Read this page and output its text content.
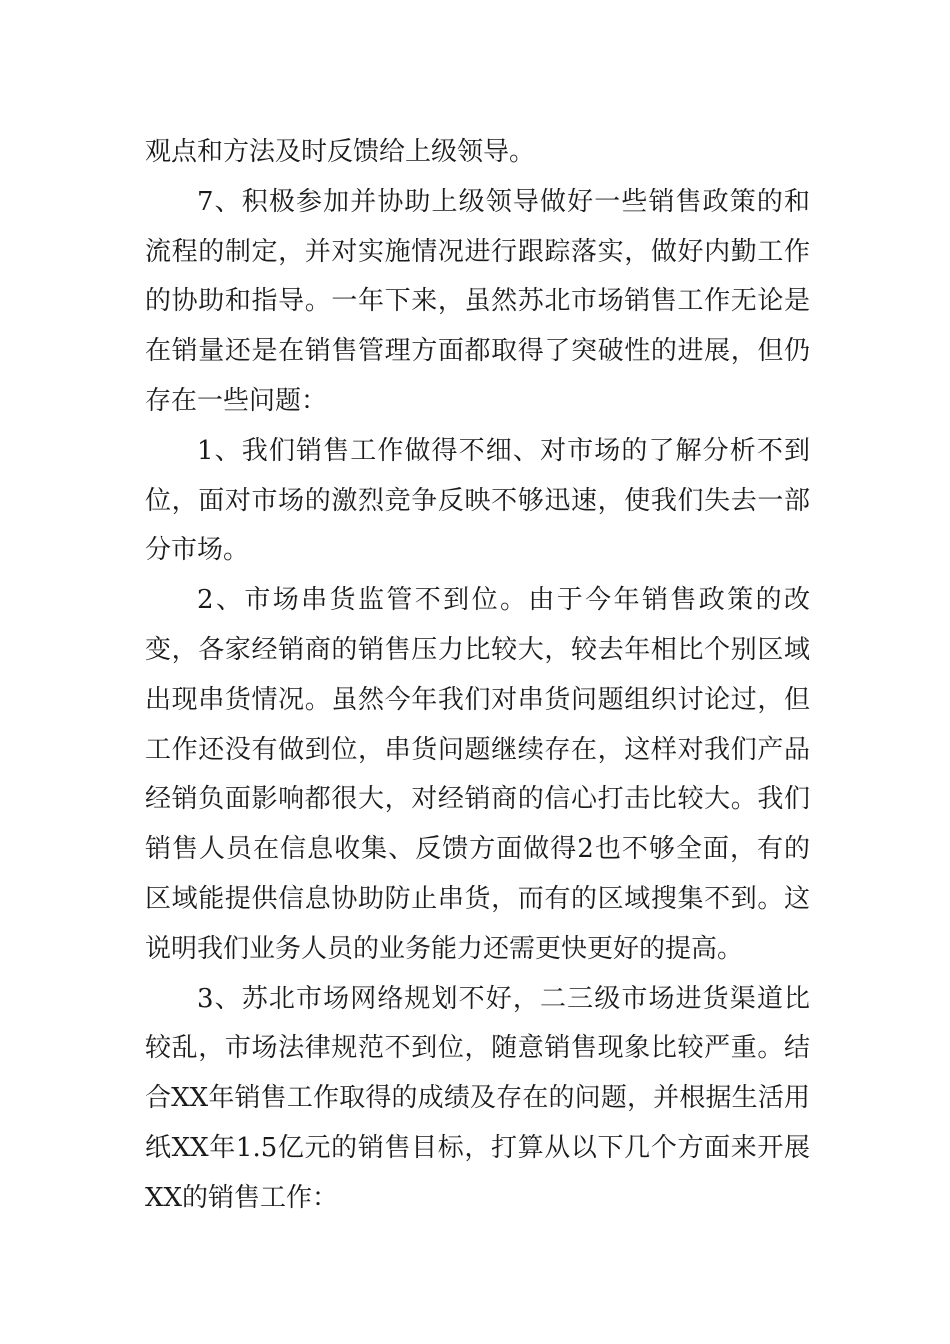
观点和方法及时反馈给上级领导。

7、积极参加并协助上级领导做好一些销售政策的和流程的制定，并对实施情况进行跟踪落实，做好内勤工作的协助和指导。一年下来，虽然苏北市场销售工作无论是在销量还是在销售管理方面都取得了突破性的进展，但仍存在一些问题：

1、我们销售工作做得不细、对市场的了解分析不到位，面对市场的激烈竞争反映不够迅速，使我们失去一部分市场。

2、市场串货监管不到位。由于今年销售政策的改变，各家经销商的销售压力比较大，较去年相比个别区域出现串货情况。虽然今年我们对串货问题组织讨论过，但工作还没有做到位，串货问题继续存在，这样对我们产品经销负面影响都很大，对经销商的信心打击比较大。我们销售人员在信息收集、反馈方面做得2也不够全面，有的区域能提供信息协助防止串货，而有的区域搜集不到。这说明我们业务人员的业务能力还需更快更好的提高。

3、苏北市场网络规划不好，二三级市场进货渠道比较乱，市场法律规范不到位，随意销售现象比较严重。结合XX年销售工作取得的成绩及存在的问题，并根据生活用纸XX年1.5亿元的销售目标，打算从以下几个方面来开展XX的销售工作：
